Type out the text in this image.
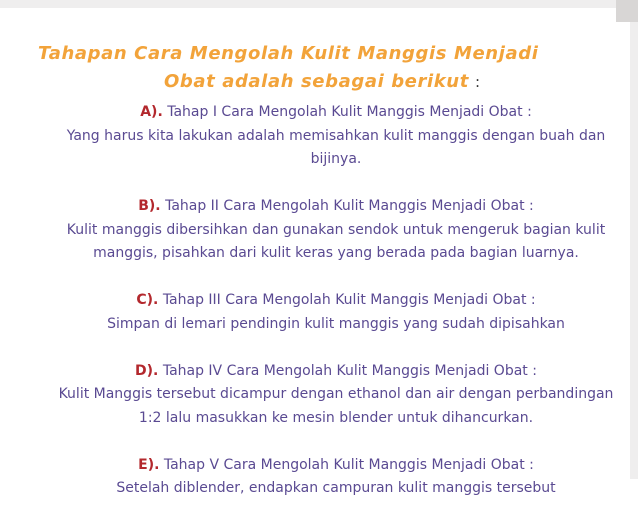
Tahapan Cara Mengolah Kulit Manggis Menjadi
Obat adalah sebagai berikut :
A). Tahap I Cara Mengolah Kulit Manggis Menjadi Obat :
Yang harus kita lakukan adalah memisahkan kulit manggis dengan buah dan bijinya.
B). Tahap II Cara Mengolah Kulit Manggis Menjadi Obat :
Kulit manggis dibersihkan dan gunakan sendok untuk mengeruk bagian kulit manggis, pisahkan dari kulit keras yang berada pada bagian luarnya.
C). Tahap III Cara Mengolah Kulit Manggis Menjadi Obat :
Simpan di lemari pendingin kulit manggis yang sudah dipisahkan
D). Tahap IV Cara Mengolah Kulit Manggis Menjadi Obat :
Kulit Manggis tersebut dicampur dengan ethanol dan air dengan perbandingan 1:2 lalu masukkan ke mesin blender untuk dihancurkan.
E). Tahap V Cara Mengolah Kulit Manggis Menjadi Obat :
Setelah diblender, endapkan campuran kulit manggis tersebut
